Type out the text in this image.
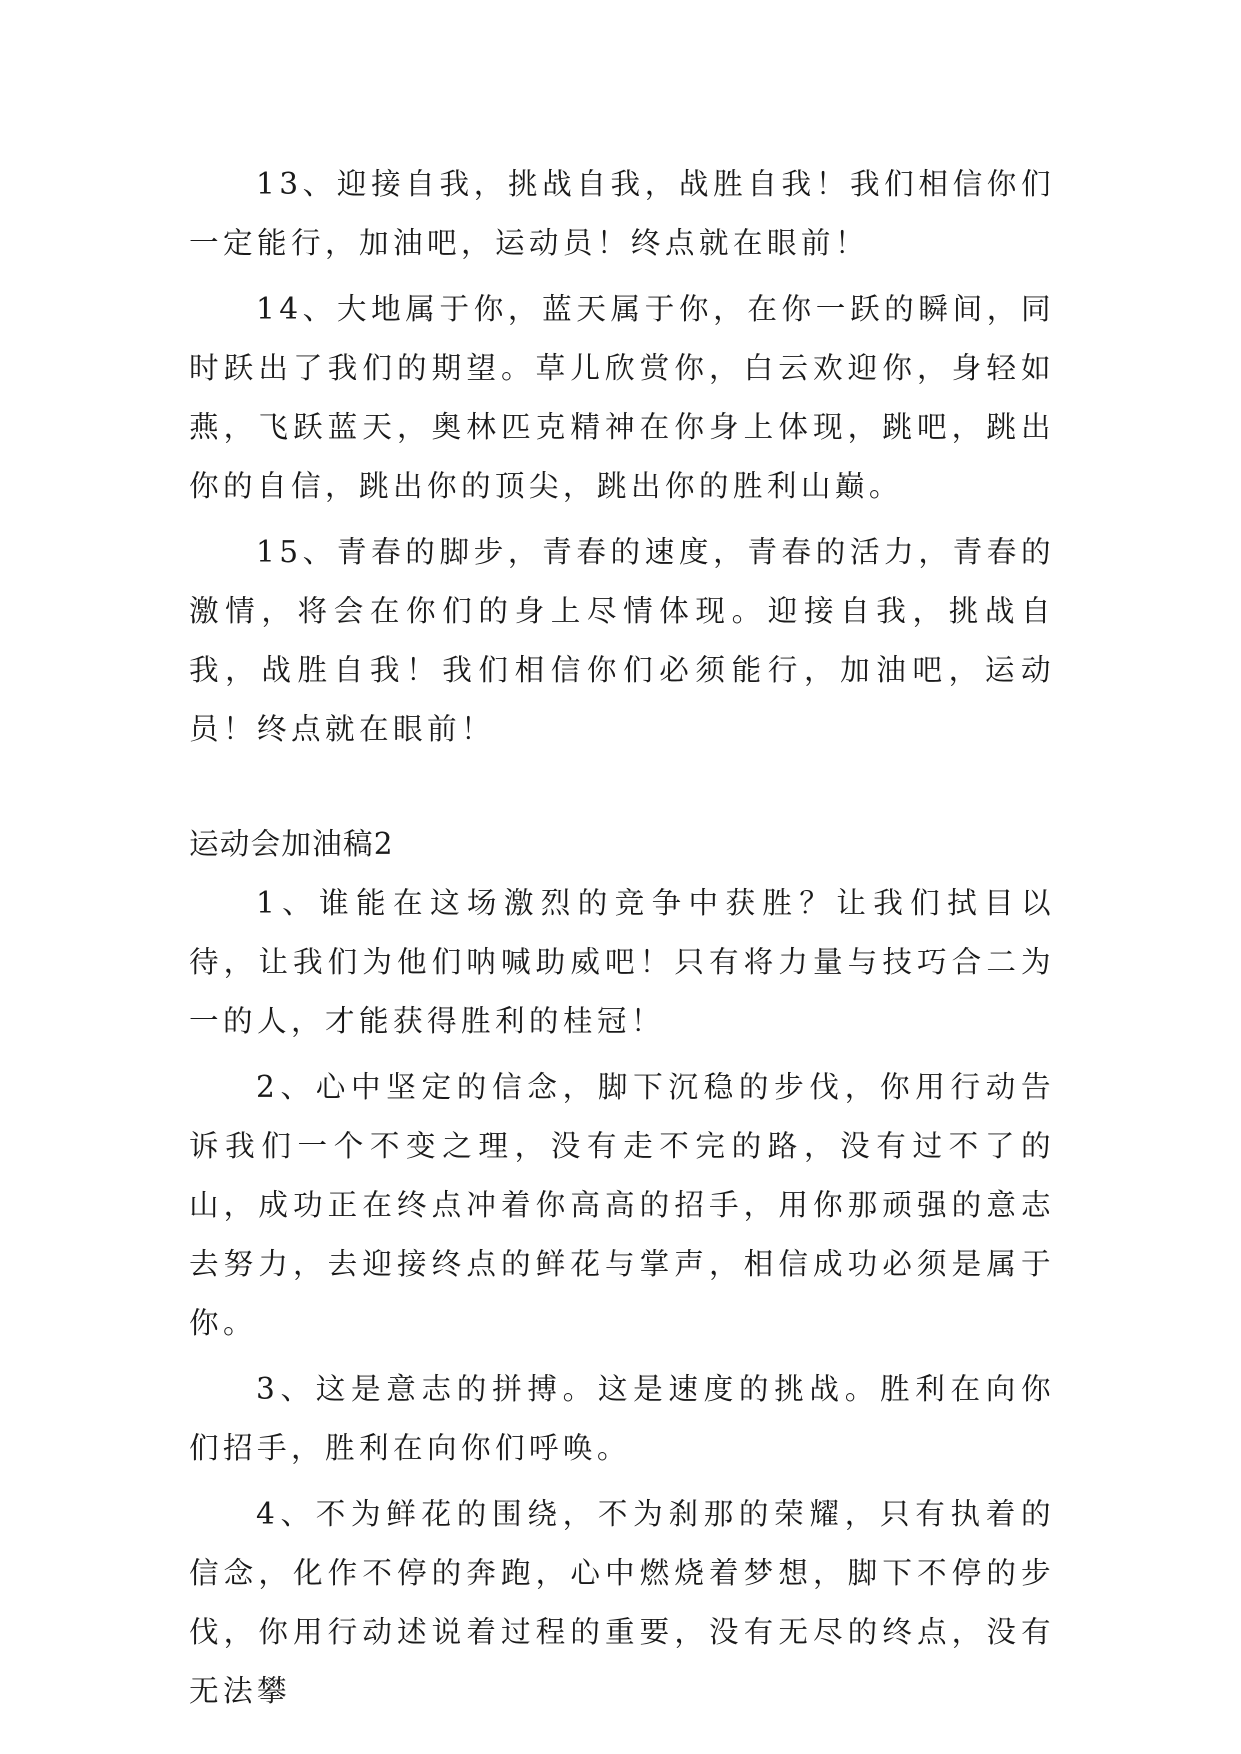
13、迎接自我，挑战自我，战胜自我！我们相信你们一定能行，加油吧，运动员！终点就在眼前！

14、大地属于你，蓝天属于你，在你一跃的瞬间，同时跃出了我们的期望。草儿欣赏你，白云欢迎你，身轻如燕，飞跃蓝天，奥林匹克精神在你身上体现，跳吧，跳出你的自信，跳出你的顶尖，跳出你的胜利山巅。

15、青春的脚步，青春的速度，青春的活力，青春的激情，将会在你们的身上尽情体现。迎接自我，挑战自我，战胜自我！我们相信你们必须能行，加油吧，运动员！终点就在眼前！

运动会加油稿2

1、谁能在这场激烈的竞争中获胜？让我们拭目以待，让我们为他们呐喊助威吧！只有将力量与技巧合二为一的人，才能获得胜利的桂冠！

2、心中坚定的信念，脚下沉稳的步伐，你用行动告诉我们一个不变之理，没有走不完的路，没有过不了的山，成功正在终点冲着你高高的招手，用你那顽强的意志去努力，去迎接终点的鲜花与掌声，相信成功必须是属于你。

3、这是意志的拼搏。这是速度的挑战。胜利在向你们招手，胜利在向你们呼唤。

4、不为鲜花的围绕，不为刹那的荣耀，只有执着的信念，化作不停的奔跑，心中燃烧着梦想，脚下不停的步伐，你用行动述说着过程的重要，没有无尽的终点，没有无法攀
